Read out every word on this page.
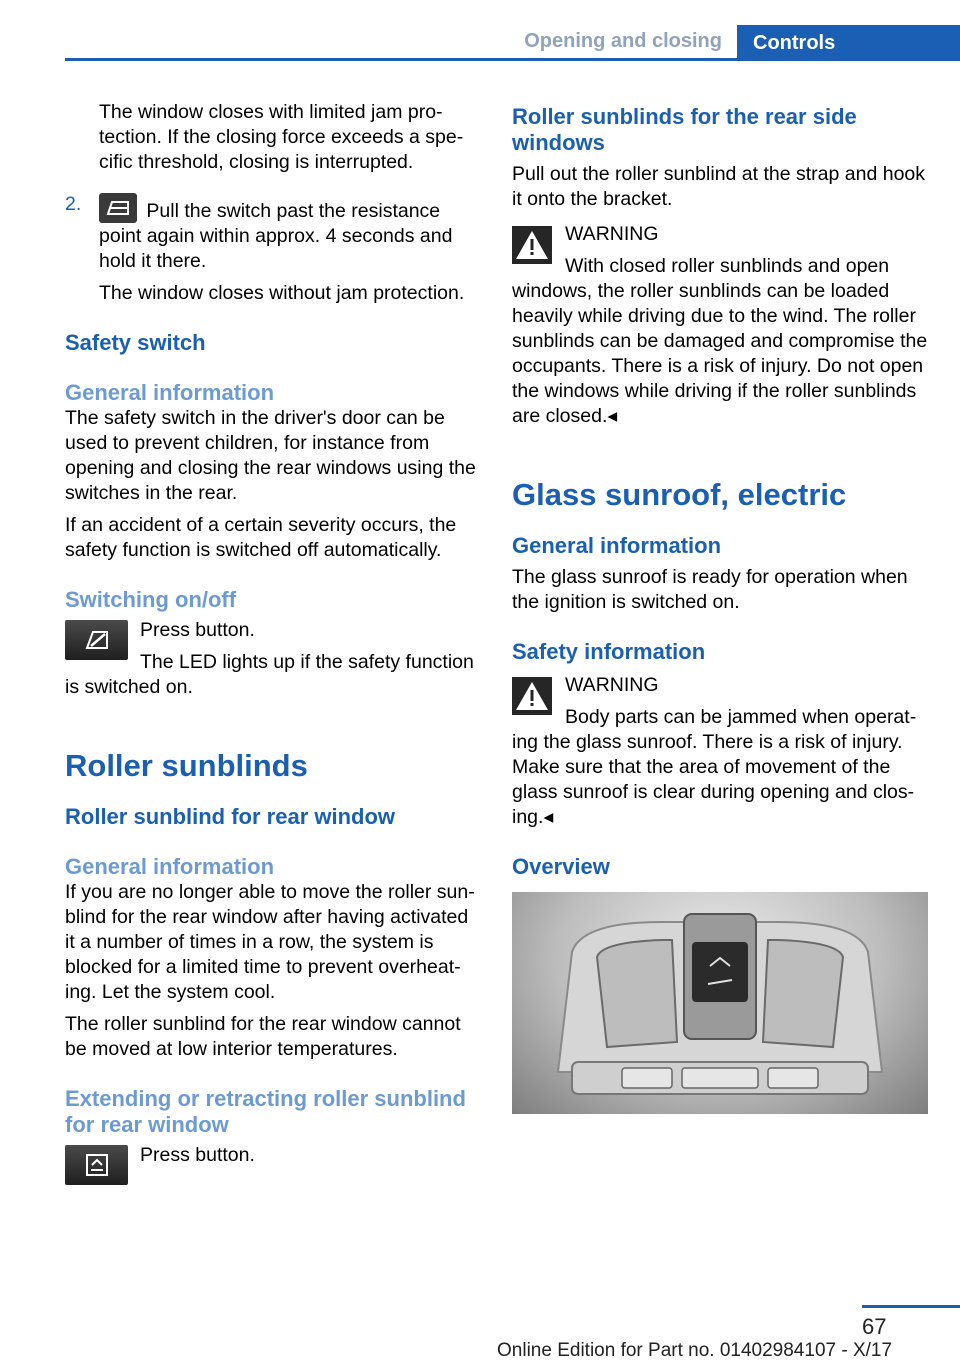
Opening and closing	Controls

The window closes with limited jam protection. If the closing force exceeds a specific threshold, closing is interrupted.

2.	Pull the switch past the resistance point again within approx. 4 seconds and hold it there.

The window closes without jam protection.

Safety switch
General information

The safety switch in the driver's door can be used to prevent children, for instance from opening and closing the rear windows using the switches in the rear.

If an accident of a certain severity occurs, the safety function is switched off automatically.

Switching on/off

Press button.

The LED lights up if the safety function is switched on.

Roller sunblinds
Roller sunblind for rear window
General information

If you are no longer able to move the roller sunblind for the rear window after having activated it a number of times in a row, the system is blocked for a limited time to prevent overheating. Let the system cool.

The roller sunblind for the rear window cannot be moved at low interior temperatures.

Extending or retracting roller sunblind for rear window

Press button.

Roller sunblinds for the rear side windows

Pull out the roller sunblind at the strap and hook it onto the bracket.

WARNING

With closed roller sunblinds and open windows, the roller sunblinds can be loaded heavily while driving due to the wind. The roller sunblinds can be damaged and compromise the occupants. There is a risk of injury. Do not open the windows while driving if the roller sunblinds are closed.◂

Glass sunroof, electric
General information

The glass sunroof is ready for operation when the ignition is switched on.

Safety information

WARNING

Body parts can be jammed when operating the glass sunroof. There is a risk of injury. Make sure that the area of movement of the glass sunroof is clear during opening and closing.◂

Overview
67
Online Edition for Part no. 01402984107 - X/17
